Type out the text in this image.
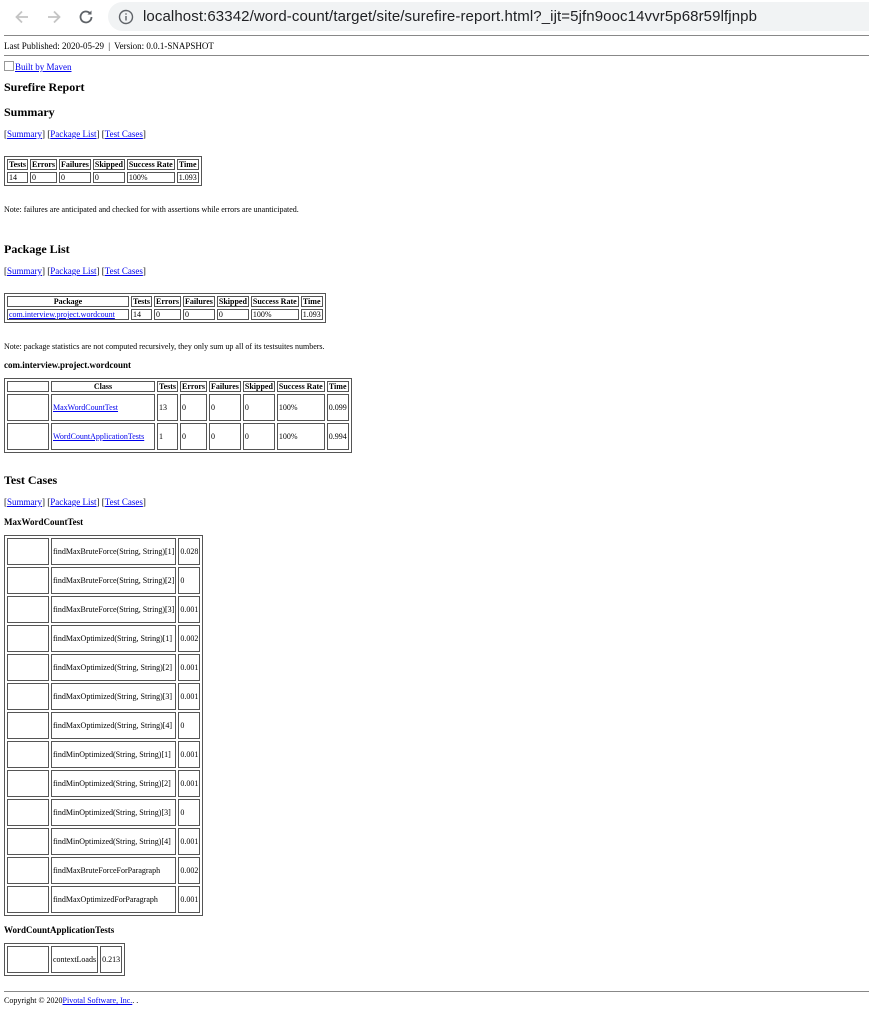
localhost:63342/word-count/target/site/surefire-report.html?_ijt=5jfn9ooc14vvr5p68r59lfjnpb
Last Published: 2020-05-29 | Version: 0.0.1-SNAPSHOT
Built by Maven
Surefire Report
Summary
[Summary] [Package List] [Test Cases]
Tests	Errors	Failures	Skipped	Success Rate	Time
14	0	0	0	100%	1.093
Note: failures are anticipated and checked for with assertions while errors are unanticipated.
Package List
[Summary] [Package List] [Test Cases]
Package	Tests	Errors	Failures	Skipped	Success Rate	Time
com.interview.project.wordcount	14	0	0	0	100%	1.093
Note: package statistics are not computed recursively, they only sum up all of its testsuites numbers.
com.interview.project.wordcount
	Class	Tests	Errors	Failures	Skipped	Success Rate	Time
	MaxWordCountTest	13	0	0	0	100%	0.099
	WordCountApplicationTests	1	0	0	0	100%	0.994
Test Cases
[Summary] [Package List] [Test Cases]
MaxWordCountTest
	findMaxBruteForce(String, String)[1]	0.028
	findMaxBruteForce(String, String)[2]	0
	findMaxBruteForce(String, String)[3]	0.001
	findMaxOptimized(String, String)[1]	0.002
	findMaxOptimized(String, String)[2]	0.001
	findMaxOptimized(String, String)[3]	0.001
	findMaxOptimized(String, String)[4]	0
	findMinOptimized(String, String)[1]	0.001
	findMinOptimized(String, String)[2]	0.001
	findMinOptimized(String, String)[3]	0
	findMinOptimized(String, String)[4]	0.001
	findMaxBruteForceForParagraph	0.002
	findMaxOptimizedForParagraph	0.001
WordCountApplicationTests
	contextLoads	0.213
Copyright © 2020Pivotal Software, Inc.. .
